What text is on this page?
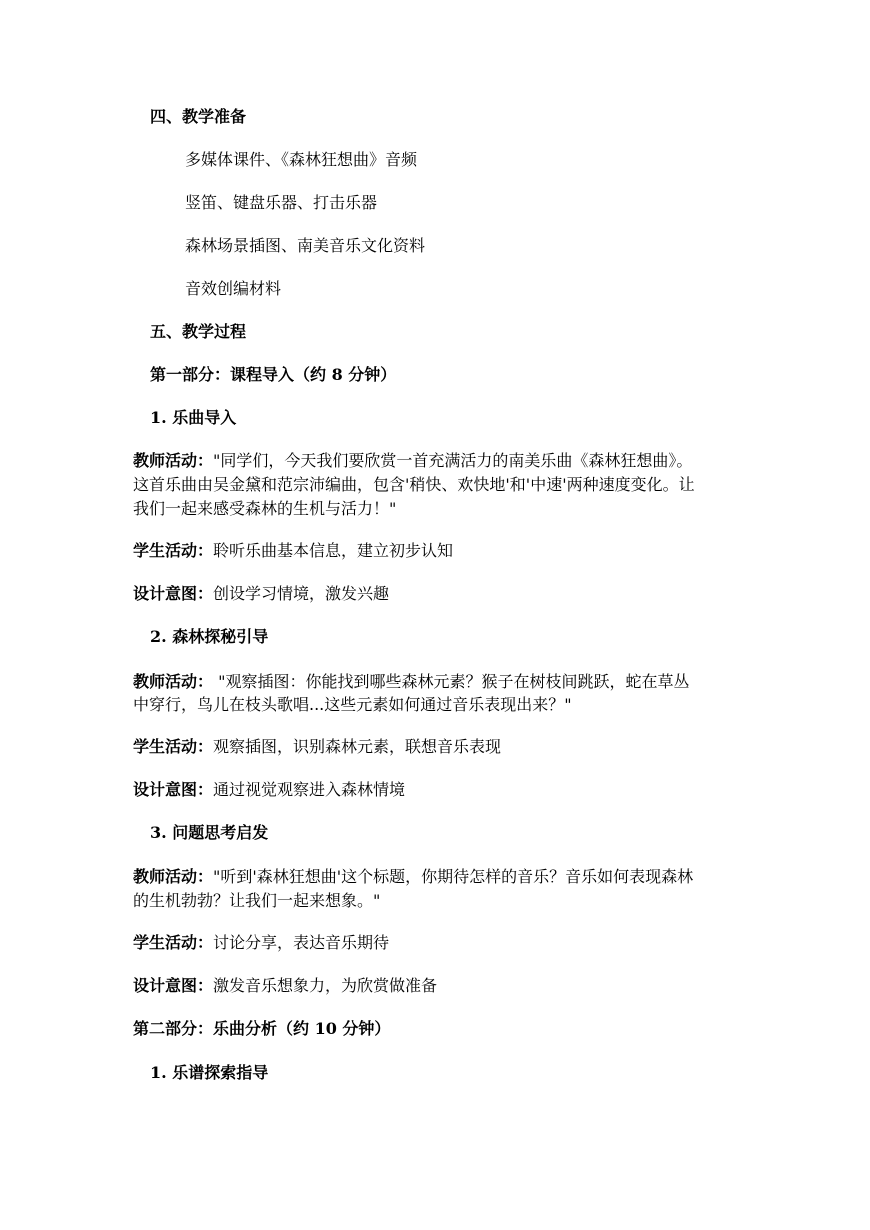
四、教学准备
多媒体课件、《森林狂想曲》音频
竖笛、键盘乐器、打击乐器
森林场景插图、南美音乐文化资料
音效创编材料
五、教学过程
第一部分：课程导入（约 8 分钟）
1. 乐曲导入
教师活动："同学们，今天我们要欣赏一首充满活力的南美乐曲《森林狂想曲》。
这首乐曲由吴金黛和范宗沛编曲，包含'稍快、欢快地'和'中速'两种速度变化。让
我们一起来感受森林的生机与活力！"
学生活动：聆听乐曲基本信息，建立初步认知
设计意图：创设学习情境，激发兴趣
2. 森林探秘引导
教师活动： "观察插图：你能找到哪些森林元素？猴子在树枝间跳跃，蛇在草丛
中穿行，鸟儿在枝头歌唱...这些元素如何通过音乐表现出来？"
学生活动：观察插图，识别森林元素，联想音乐表现
设计意图：通过视觉观察进入森林情境
3. 问题思考启发
教师活动："听到'森林狂想曲'这个标题，你期待怎样的音乐？音乐如何表现森林
的生机勃勃？让我们一起来想象。"
学生活动：讨论分享，表达音乐期待
设计意图：激发音乐想象力，为欣赏做准备
第二部分：乐曲分析（约 10 分钟）
1. 乐谱探索指导
